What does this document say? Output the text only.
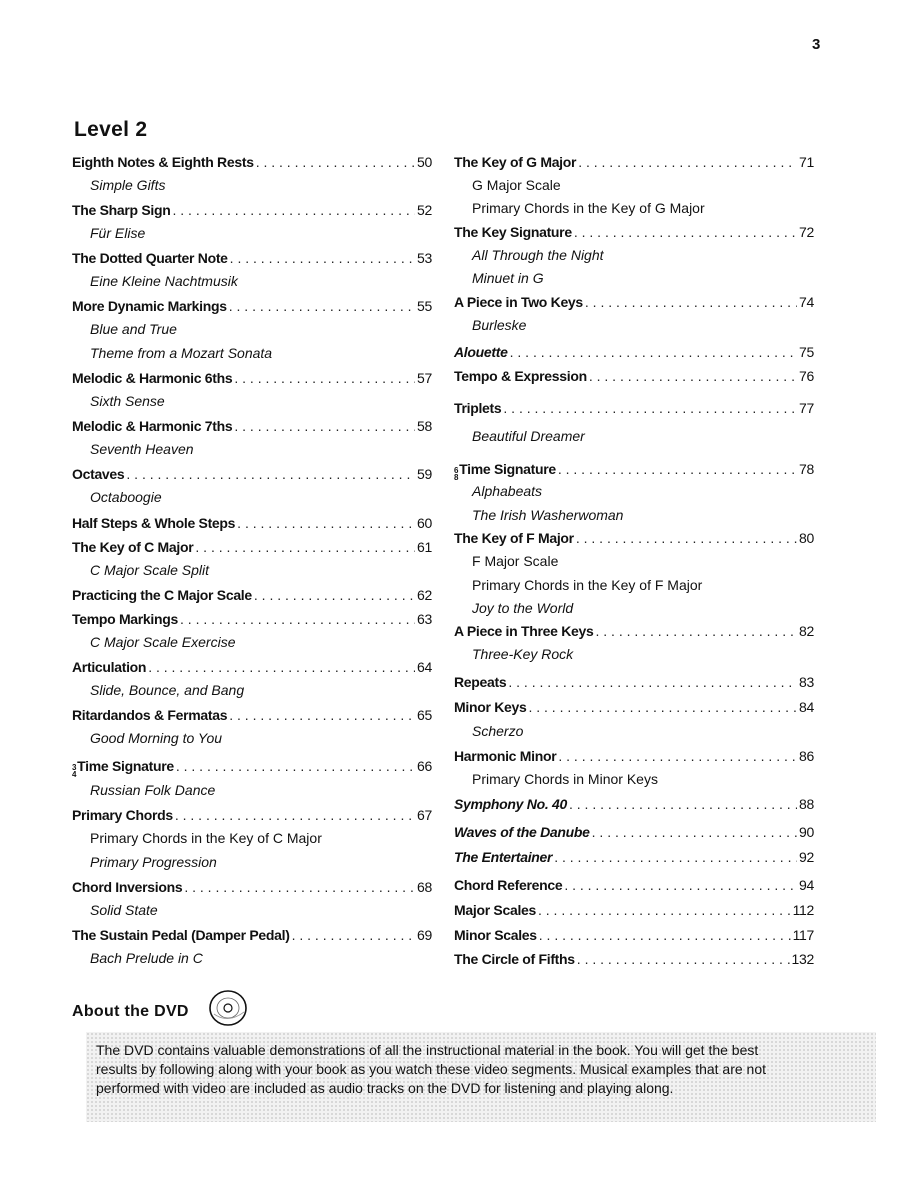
3
Level 2
Eighth Notes & Eighth Rests . . .	50
Simple Gifts
The Sharp Sign . . .	52
Für Elise
The Dotted Quarter Note . . .	53
Eine Kleine Nachtmusik
More Dynamic Markings . . .	55
Blue and True
Theme from a Mozart Sonata
Melodic & Harmonic 6ths . . .	57
Sixth Sense
Melodic & Harmonic 7ths . . .	58
Seventh Heaven
Octaves . . .	59
Octaboogie
Half Steps & Whole Steps . . .	60
The Key of C Major . . .	61
C Major Scale Split
Practicing the C Major Scale . . .	62
Tempo Markings . . .	63
C Major Scale Exercise
Articulation . . .	64
Slide, Bounce, and Bang
Ritardandos & Fermatas . . .	65
Good Morning to You
3
4
Time Signature . . .	66
Russian Folk Dance
Primary Chords . . .	67
Primary Chords in the Key of C Major
Primary Progression
Chord Inversions . . .	68
Solid State
The Sustain Pedal (Damper Pedal) . . .	69
Bach Prelude in C
The Key of G Major . . .	71
G Major Scale
Primary Chords in the Key of G Major
The Key Signature . . .	72
All Through the Night
Minuet in G
A Piece in Two Keys . . .	74
Burleske
Alouette . . .	75
Tempo & Expression . . .	76
Triplets . . .	77
Beautiful Dreamer
6
8
Time Signature . . .	78
Alphabeats
The Irish Washerwoman
The Key of F Major . . .	80
F Major Scale
Primary Chords in the Key of F Major
Joy to the World
A Piece in Three Keys . . .	82
Three-Key Rock
Repeats . . .	83
Minor Keys . . .	84
Scherzo
Harmonic Minor . . .	86
Primary Chords in Minor Keys
Symphony No. 40 . . .	88
Waves of the Danube . . .	90
The Entertainer . . .	92
Chord Reference . . .	94
Major Scales . . .	112
Minor Scales . . .	117
The Circle of Fifths . . .	132
About the DVD
The DVD contains valuable demonstrations of all the instructional material in the book. You will get the best results by following along with your book as you watch these video segments. Musical examples that are not performed with video are included as audio tracks on the DVD for listening and playing along.
